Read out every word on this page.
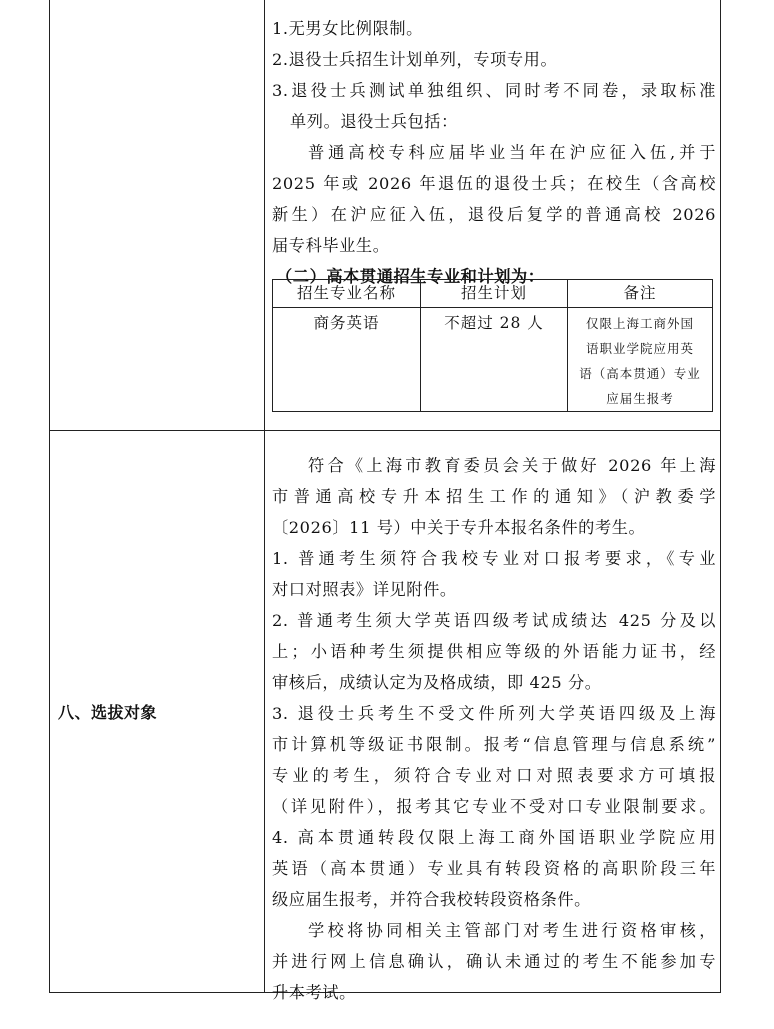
1.无男女比例限制。

2.退役士兵招生计划单列，专项专用。

3.退役士兵测试单独组织、同时考不同卷，录取标准

单列。退役士兵包括：

普通高校专科应届毕业当年在沪应征入伍,并于

2025 年或 2026 年退伍的退役士兵；在校生（含高校

新生）在沪应征入伍，退役后复学的普通高校 2026

届专科毕业生。

（二）高本贯通招生专业和计划为：

招生专业名称	招生计划	备注
商务英语	不超过 28 人	仅限上海工商外国
语职业学院应用英
语（高本贯通）专业
应届生报考
八、选拔对象

符合《上海市教育委员会关于做好 2026 年上海

市普通高校专升本招生工作的通知》（沪教委学

〔2026〕11 号）中关于专升本报名条件的考生。

1. 普通考生须符合我校专业对口报考要求，《专业

对口对照表》详见附件。

2. 普通考生须大学英语四级考试成绩达 425 分及以

上；小语种考生须提供相应等级的外语能力证书，经

审核后，成绩认定为及格成绩，即 425 分。

3. 退役士兵考生不受文件所列大学英语四级及上海

市计算机等级证书限制。报考“信息管理与信息系统”

专业的考生，须符合专业对口对照表要求方可填报

（详见附件），报考其它专业不受对口专业限制要求。

4. 高本贯通转段仅限上海工商外国语职业学院应用

英语（高本贯通）专业具有转段资格的高职阶段三年

级应届生报考，并符合我校转段资格条件。

学校将协同相关主管部门对考生进行资格审核，

并进行网上信息确认，确认未通过的考生不能参加专

升本考试。
